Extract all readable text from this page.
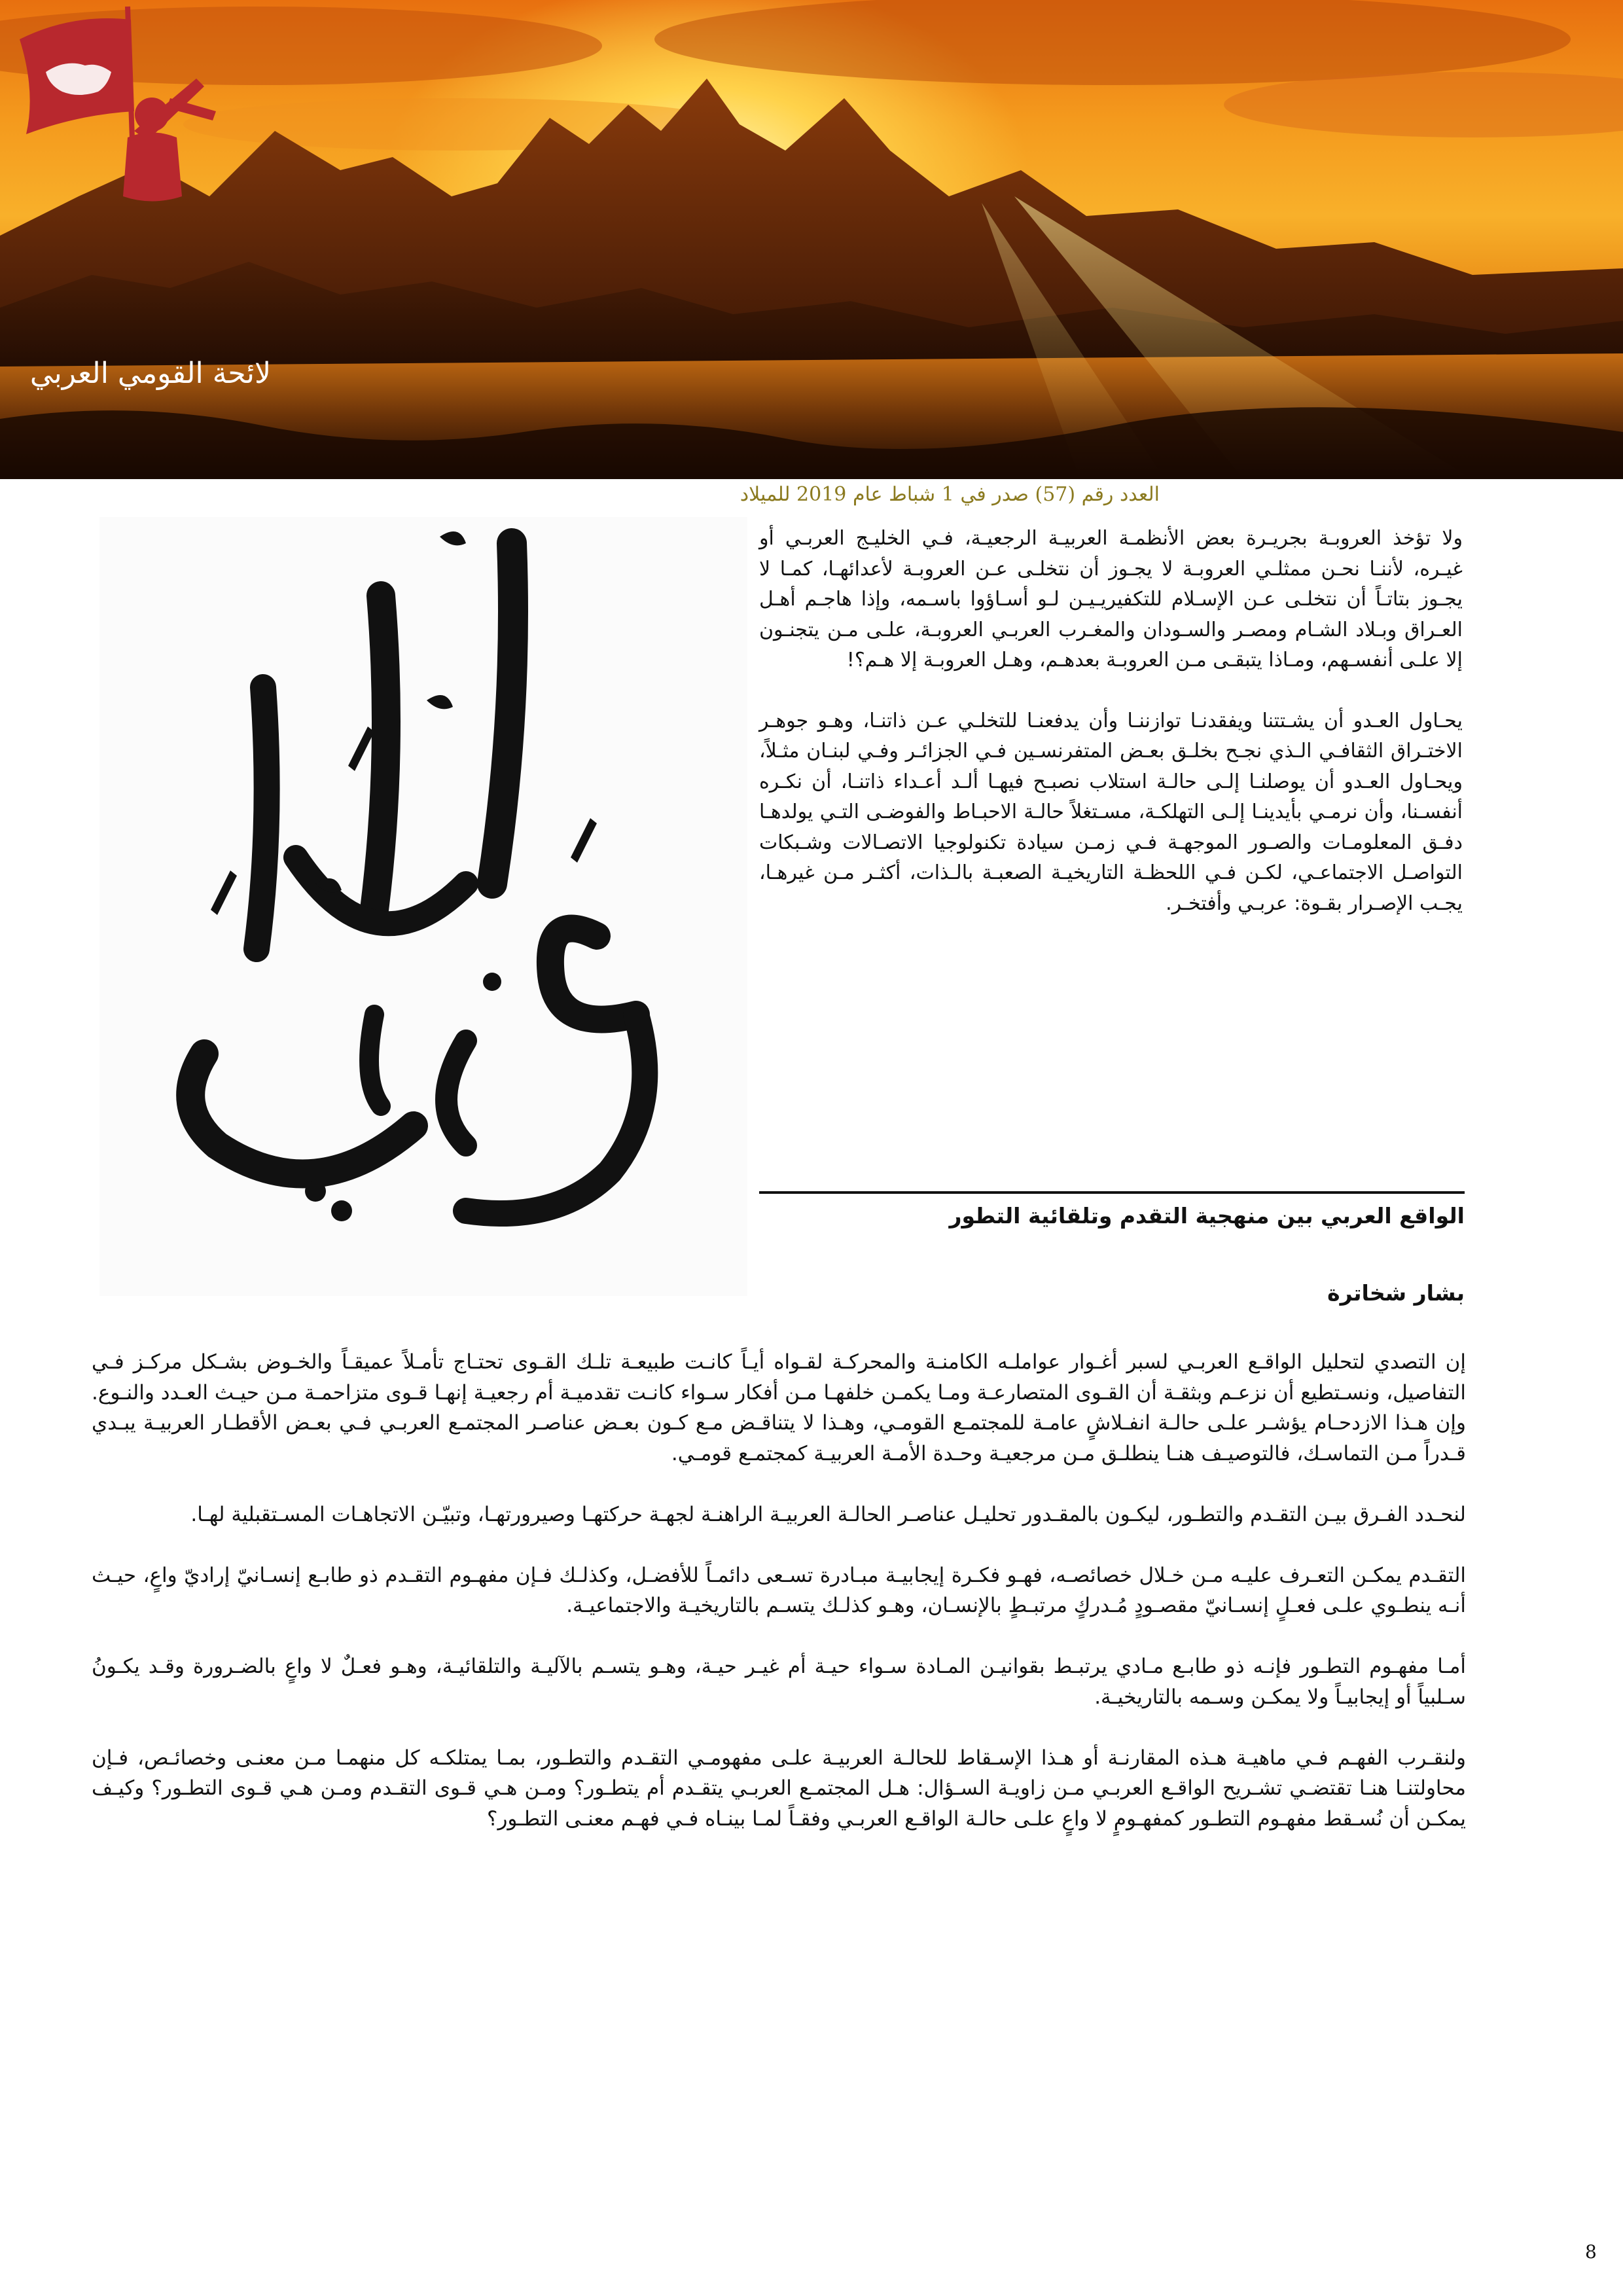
لائحة القومي العربي
العدد رقم (57) صدر في 1 شباط عام 2019 للميلاد

ولا تؤخذ العروبـة بجريـرة بعض الأنظمـة العربيـة الرجعيـة، فـي الخليـج العربـي أو غيـره، لأننـا نحـن ممثلـي العروبـة لا يجـوز أن نتخلـى عـن العروبـة لأعدائهـا، كمـا لا يجـوز بتاتـاً أن نتخلـى عـن الإسـلام للتكفيريـيـن لـو أسـاؤوا باسـمه، وإذا هاجـم أهـل العـراق وبـلاد الشـام ومصـر والسـودان والمغـرب العربـي العروبـة، علـى مـن يتجنـون إلا علـى أنفسـهم، ومـاذا يتبقـى مـن العروبـة بعدهـم، وهـل العروبـة إلا هـم؟!

يحـاول العـدو أن يشـتتنا ويفقدنـا توازننـا وأن يدفعنـا للتخلـي عـن ذاتنـا، وهـو جوهـر الاختـراق الثقافـي الـذي نجـح بخلـق بعـض المتفرنسـين فـي الجزائـر وفـي لبنـان مثـلاً، ويحـاول العـدو أن يوصلنـا إلـى حالـة استلاب نصبـح فيهـا ألـد أعـداء ذاتنـا، أن نكـره أنفسـنا، وأن نرمـي بأيدينـا إلـى التهلكـة، مسـتغلاً حالـة الاحبـاط والفوضـى التـي يولدهـا دفـق المعلومـات والصـور الموجهـة فـي زمـن سيادة تكنولوجيا الاتصـالات وشـبكات التواصـل الاجتماعـي، لكـن فـي اللحظـة التاريخيـة الصعبـة بالـذات، أكثـر مـن غيرهـا، يجـب الإصـرار بقـوة: عربـي وأفتخـر.

الواقع العربي بين منهجية التقدم وتلقائية التطور
بشار شخاترة

إن التصدي لتحليل الواقـع العربـي لسبر أغـوار عواملـه الكامنـة والمحركـة لقـواه أيـاً كانـت طبيعـة تلـك القـوى تحتـاج تأمـلاً عميقـاً والخـوض بشـكل مركـز فـي التفاصيل، ونسـتطيع أن نزعـم وبثقـة أن القـوى المتصارعـة ومـا يكمـن خلفهـا مـن أفكار سـواء كانـت تقدميـة أم رجعيـة إنهـا قـوى متزاحمـة مـن حيـث العـدد والنـوع. وإن هـذا الازدحـام يؤشـر علـى حالـة انفـلاشٍ عامـة للمجتمـع القومـي، وهـذا لا يتناقـض مـع كـون بعـض عناصـر المجتمـع العربـي فـي بعـض الأقطـار العربيـة يبـدي قـدراً مـن التماسـك، فالتوصيـف هنـا ينطلـق مـن مرجعيـة وحـدة الأمـة العربيـة كمجتمـع قومـي.

لنحـدد الفـرق بيـن التقـدم والتطـور، ليكـون بالمقـدور تحليـل عناصـر الحالـة العربيـة الراهنـة لجهـة حركتهـا وصيرورتهـا، وتبيّـن الاتجاهـات المسـتقبلية لهـا.

التقـدم يمكـن التعـرف عليـه مـن خـلال خصائصـه، فهـو فكـرة إيجابيـة مبـادرة تسـعى دائمـاً للأفضـل، وكذلـك فـإن مفهـوم التقـدم ذو طابـع إنسـانيّ إراديّ واعٍ، حيـث أنـه ينطـوي علـى فعـلٍ إنسـانيّ مقصـودٍ مُـدركٍ مرتبـطٍ بالإنسـان، وهـو كذلـك يتسـم بالتاريخيـة والاجتماعيـة.

أمـا مفهـوم التطـور فإنـه ذو طابـع مـادي يرتبـط بقوانيـن المـادة سـواء حيـة أم غيـر حيـة، وهـو يتسـم بالآليـة والتلقائيـة، وهـو فعـلٌ لا واعٍ بالضـرورة وقـد يكـونُ سـلبياً أو إيجابيـاً ولا يمكـن وسـمه بالتاريخيـة.

ولنقـرب الفهـم فـي ماهيـة هـذه المقارنـة أو هـذا الإسـقاط للحالـة العربيـة علـى مفهومـي التقـدم والتطـور، بمـا يمتلكـه كل منهمـا مـن معنـى وخصائـص، فـإن محاولتنـا هنـا تقتضـي تشـريح الواقـع العربـي مـن زاويـة السـؤال: هـل المجتمـع العربـي يتقـدم أم يتطـور؟ ومـن هـي قـوى التقـدم ومـن هـي قـوى التطـور؟ وكيـف يمكـن أن نُسـقط مفهـوم التطـور كمفهـومٍ لا واعٍ علـى حالـة الواقـع العربـي وفقـاً لمـا بينـاه فـي فهـم معنـى التطـور؟

8
